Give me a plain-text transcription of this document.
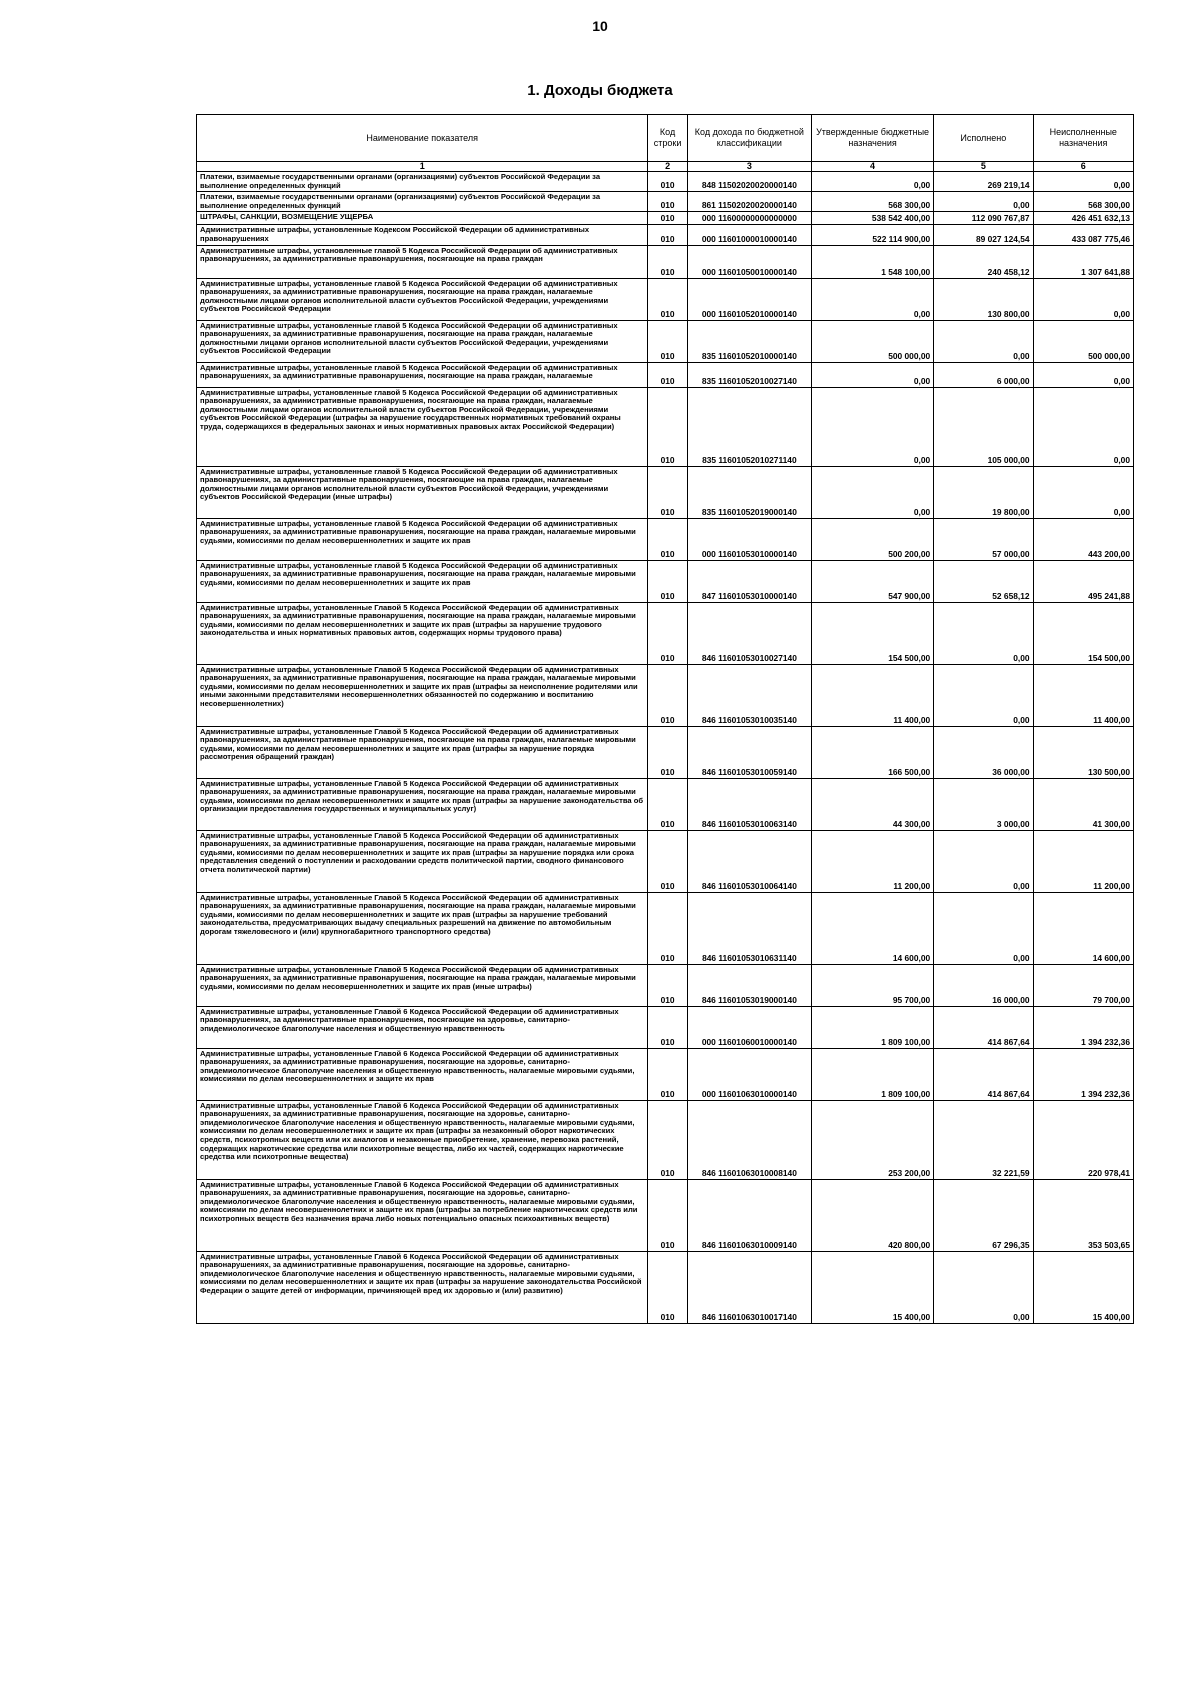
10
1. Доходы бюджета
Наименование показателя	Код строки	Код дохода по бюджетной классификации	Утвержденные бюджетные назначения	Исполнено	Неисполненные назначения
1	2	3	4	5	6
Платежи, взимаемые государственными органами (организациями) субъектов Российской Федерации за выполнение определенных функций	010	848 11502020020000140	0,00	269 219,14	0,00
Платежи, взимаемые государственными органами (организациями) субъектов Российской Федерации за выполнение определенных функций	010	861 11502020020000140	568 300,00	0,00	568 300,00
ШТРАФЫ, САНКЦИИ, ВОЗМЕЩЕНИЕ УЩЕРБА	010	000 11600000000000000	538 542 400,00	112 090 767,87	426 451 632,13
Административные штрафы, установленные Кодексом Российской Федерации об административных правонарушениях	010	000 11601000010000140	522 114 900,00	89 027 124,54	433 087 775,46
Административные штрафы, установленные главой 5 Кодекса Российской Федерации об административных правонарушениях, за административные правонарушения, посягающие на права граждан	010	000 11601050010000140	1 548 100,00	240 458,12	1 307 641,88
Административные штрафы, установленные главой 5 Кодекса Российской Федерации об административных правонарушениях, за административные правонарушения, посягающие на права граждан, налагаемые должностными лицами органов исполнительной власти субъектов Российской Федерации, учреждениями субъектов Российской Федерации	010	000 11601052010000140	0,00	130 800,00	0,00
Административные штрафы, установленные главой 5 Кодекса Российской Федерации об административных правонарушениях, за административные правонарушения, посягающие на права граждан, налагаемые должностными лицами органов исполнительной власти субъектов Российской Федерации, учреждениями субъектов Российской Федерации	010	835 11601052010000140	500 000,00	0,00	500 000,00
Административные штрафы, установленные главой 5 Кодекса Российской Федерации об административных правонарушениях, за административные правонарушения, посягающие на права граждан, налагаемые	010	835 11601052010027140	0,00	6 000,00	0,00
Административные штрафы, установленные главой 5 Кодекса Российской Федерации об административных правонарушениях, за административные правонарушения, посягающие на права граждан, налагаемые должностными лицами органов исполнительной власти субъектов Российской Федерации, учреждениями субъектов Российской Федерации (штрафы за нарушение государственных нормативных требований охраны труда, содержащихся в федеральных законах и иных нормативных правовых актах Российской Федерации)	010	835 11601052010271140	0,00	105 000,00	0,00
Административные штрафы, установленные главой 5 Кодекса Российской Федерации об административных правонарушениях, за административные правонарушения, посягающие на права граждан, налагаемые должностными лицами органов исполнительной власти субъектов Российской Федерации, учреждениями субъектов Российской Федерации (иные штрафы)	010	835 11601052019000140	0,00	19 800,00	0,00
Административные штрафы, установленные главой 5 Кодекса Российской Федерации об административных правонарушениях, за административные правонарушения, посягающие на права граждан, налагаемые мировыми судьями, комиссиями по делам несовершеннолетних и защите их прав	010	000 11601053010000140	500 200,00	57 000,00	443 200,00
Административные штрафы, установленные главой 5 Кодекса Российской Федерации об административных правонарушениях, за административные правонарушения, посягающие на права граждан, налагаемые мировыми судьями, комиссиями по делам несовершеннолетних и защите их прав	010	847 11601053010000140	547 900,00	52 658,12	495 241,88
Административные штрафы, установленные Главой 5 Кодекса Российской Федерации об административных правонарушениях, за административные правонарушения, посягающие на права граждан, налагаемые мировыми судьями, комиссиями по делам несовершеннолетних и защите их прав (штрафы за нарушение трудового законодательства и иных нормативных правовых актов, содержащих нормы трудового права)	010	846 11601053010027140	154 500,00	0,00	154 500,00
Административные штрафы, установленные Главой 5 Кодекса Российской Федерации об административных правонарушениях, за административные правонарушения, посягающие на права граждан, налагаемые мировыми судьями, комиссиями по делам несовершеннолетних и защите их прав (штрафы за неисполнение родителями или иными законными представителями несовершеннолетних обязанностей по содержанию и воспитанию несовершеннолетних)	010	846 11601053010035140	11 400,00	0,00	11 400,00
Административные штрафы, установленные Главой 5 Кодекса Российской Федерации об административных правонарушениях, за административные правонарушения, посягающие на права граждан, налагаемые мировыми судьями, комиссиями по делам несовершеннолетних и защите их прав (штрафы за нарушение порядка рассмотрения обращений граждан)	010	846 11601053010059140	166 500,00	36 000,00	130 500,00
Административные штрафы, установленные Главой 5 Кодекса Российской Федерации об административных правонарушениях, за административные правонарушения, посягающие на права граждан, налагаемые мировыми судьями, комиссиями по делам несовершеннолетних и защите их прав (штрафы за нарушение законодательства об организации предоставления государственных и муниципальных услуг)	010	846 11601053010063140	44 300,00	3 000,00	41 300,00
Административные штрафы, установленные Главой 5 Кодекса Российской Федерации об административных правонарушениях, за административные правонарушения, посягающие на права граждан, налагаемые мировыми судьями, комиссиями по делам несовершеннолетних и защите их прав (штрафы за нарушение порядка или срока представления сведений о поступлении и расходовании средств политической партии, сводного финансового отчета политической партии)	010	846 11601053010064140	11 200,00	0,00	11 200,00
Административные штрафы, установленные Главой 5 Кодекса Российской Федерации об административных правонарушениях, за административные правонарушения, посягающие на права граждан, налагаемые мировыми судьями, комиссиями по делам несовершеннолетних и защите их прав (штрафы за нарушение требований законодательства, предусматривающих выдачу специальных разрешений на движение по автомобильным дорогам тяжеловесного и (или) крупногабаритного транспортного средства)	010	846 11601053010631140	14 600,00	0,00	14 600,00
Административные штрафы, установленные Главой 5 Кодекса Российской Федерации об административных правонарушениях, за административные правонарушения, посягающие на права граждан, налагаемые мировыми судьями, комиссиями по делам несовершеннолетних и защите их прав (иные штрафы)	010	846 11601053019000140	95 700,00	16 000,00	79 700,00
Административные штрафы, установленные Главой 6 Кодекса Российской Федерации об административных правонарушениях, за административные правонарушения, посягающие на здоровье, санитарно-эпидемиологическое благополучие населения и общественную нравственность	010	000 11601060010000140	1 809 100,00	414 867,64	1 394 232,36
Административные штрафы, установленные Главой 6 Кодекса Российской Федерации об административных правонарушениях, за административные правонарушения, посягающие на здоровье, санитарно-эпидемиологическое благополучие населения и общественную нравственность, налагаемые мировыми судьями, комиссиями по делам несовершеннолетних и защите их прав	010	000 11601063010000140	1 809 100,00	414 867,64	1 394 232,36
Административные штрафы, установленные Главой 6 Кодекса Российской Федерации об административных правонарушениях, за административные правонарушения, посягающие на здоровье, санитарно-эпидемиологическое благополучие населения и общественную нравственность, налагаемые мировыми судьями, комиссиями по делам несовершеннолетних и защите их прав (штрафы за незаконный оборот наркотических средств, психотропных веществ или их аналогов и незаконные приобретение, хранение, перевозка растений, содержащих наркотические средства или психотропные вещества, либо их частей, содержащих наркотические средства или психотропные вещества)	010	846 11601063010008140	253 200,00	32 221,59	220 978,41
Административные штрафы, установленные Главой 6 Кодекса Российской Федерации об административных правонарушениях, за административные правонарушения, посягающие на здоровье, санитарно-эпидемиологическое благополучие населения и общественную нравственность, налагаемые мировыми судьями, комиссиями по делам несовершеннолетних и защите их прав (штрафы за потребление наркотических средств или психотропных веществ без назначения врача либо новых потенциально опасных психоактивных веществ)	010	846 11601063010009140	420 800,00	67 296,35	353 503,65
Административные штрафы, установленные Главой 6 Кодекса Российской Федерации об административных правонарушениях, за административные правонарушения, посягающие на здоровье, санитарно-эпидемиологическое благополучие населения и общественную нравственность, налагаемые мировыми судьями, комиссиями по делам несовершеннолетних и защите их прав (штрафы за нарушение законодательства Российской Федерации о защите детей от информации, причиняющей вред их здоровью и (или) развитию)	010	846 11601063010017140	15 400,00	0,00	15 400,00
